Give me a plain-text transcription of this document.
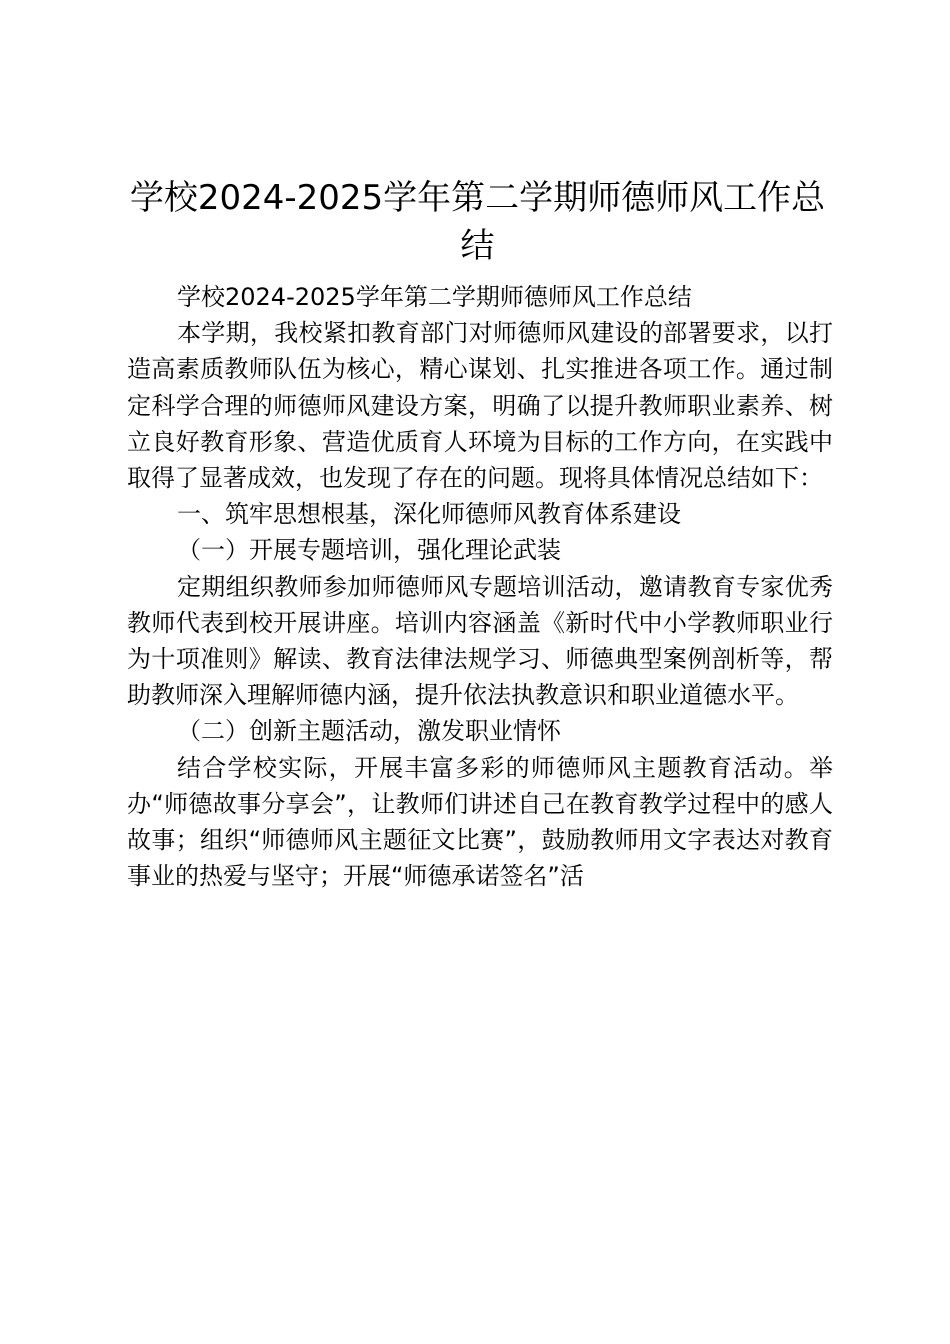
学校2024-2025学年第二学期师德师风工作总结

学校2024-2025学年第二学期师德师风工作总结

本学期，我校紧扣教育部门对师德师风建设的部署要求，以打造高素质教师队伍为核心，精心谋划、扎实推进各项工作。通过制定科学合理的师德师风建设方案，明确了以提升教师职业素养、树立良好教育形象、营造优质育人环境为目标的工作方向，在实践中取得了显著成效，也发现了存在的问题。现将具体情况总结如下：

一、筑牢思想根基，深化师德师风教育体系建设

（一）开展专题培训，强化理论武装

定期组织教师参加师德师风专题培训活动，邀请教育专家优秀教师代表到校开展讲座。培训内容涵盖《新时代中小学教师职业行为十项准则》解读、教育法律法规学习、师德典型案例剖析等，帮助教师深入理解师德内涵，提升依法执教意识和职业道德水平。

（二）创新主题活动，激发职业情怀

结合学校实际，开展丰富多彩的师德师风主题教育活动。举办“师德故事分享会”，让教师们讲述自己在教育教学过程中的感人故事；组织“师德师风主题征文比赛”，鼓励教师用文字表达对教育事业的热爱与坚守；开展“师德承诺签名”活
